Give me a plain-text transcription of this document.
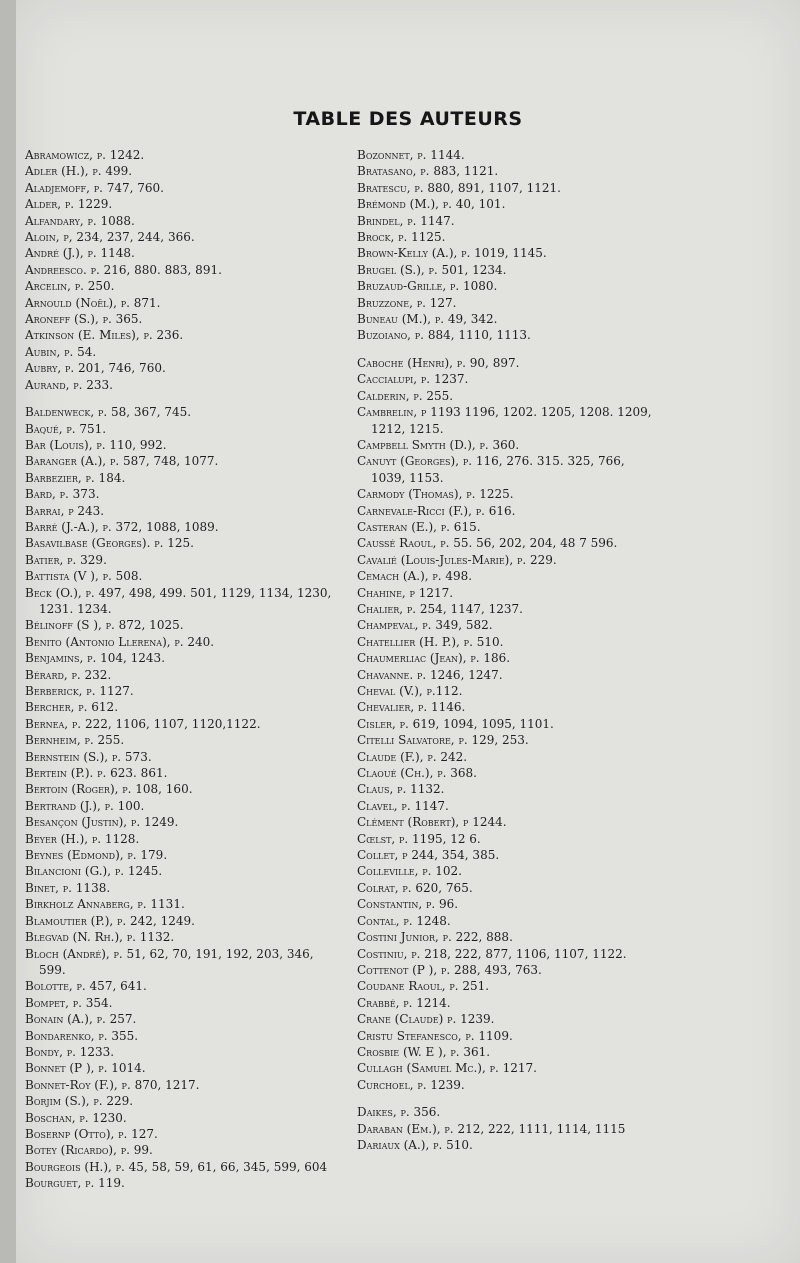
TABLE DES AUTEURS
Abramowicz, p. 1242.
Adler (H.), p. 499.
Aladjemoff, p. 747, 760.
Alder, p. 1229.
Alfandary, p. 1088.
Aloin, p, 234, 237, 244, 366.
André (J.), p. 1148.
Andreesco. p. 216, 880. 883, 891.
Arcelin, p. 250.
Arnould (Noël), p. 871.
Aroneff (S.), p. 365.
Atkinson (E. Miles), p. 236.
Aubin, p. 54.
Aubry, p. 201, 746, 760.
Aurand, p. 233.
Baldenweck, p. 58, 367, 745.
Baqué, p. 751.
Bar (Louis), p. 110, 992.
Baranger (A.), p. 587, 748, 1077.
Barbezier, p. 184.
Bard, p. 373.
Barrai, p 243.
Barré (J.-A.), p. 372, 1088, 1089.
Basavilbase (Georges). p. 125.
Batier, p. 329.
Battista (V ), p. 508.
Beck (O.), p. 497, 498, 499. 501, 1129, 1134, 1230, 1231. 1234.
Bélinoff (S ), p. 872, 1025.
Benito (Antonio Llerena), p. 240.
Benjamins, p. 104, 1243.
Bérard, p. 232.
Berberick, p. 1127.
Bercher, p. 612.
Bernea, p. 222, 1106, 1107, 1120,1122.
Bernheim, p. 255.
Bernstein (S.), p. 573.
Bertein (P.). p. 623. 861.
Bertoin (Roger), p. 108, 160.
Bertrand (J.), p. 100.
Besançon (Justin), p. 1249.
Beyer (H.), p. 1128.
Beynes (Edmond), p. 179.
Bilancioni (G.), p. 1245.
Binet, p. 1138.
Birkholz Annaberg, p. 1131.
Blamoutier (P.), p. 242, 1249.
Blegvad (N. Rh.), p. 1132.
Bloch (André), p. 51, 62, 70, 191, 192, 203, 346, 599.
Bolotte, p. 457, 641.
Bompet, p. 354.
Bonain (A.), p. 257.
Bondarenko, p. 355.
Bondy, p. 1233.
Bonnet (P ), p. 1014.
Bonnet-Roy (F.), p. 870, 1217.
Borjim (S.), p. 229.
Boschan, p. 1230.
Bosernp (Otto), p. 127.
Botey (Ricardo), p. 99.
Bourgeois (H.), p. 45, 58, 59, 61, 66, 345, 599, 604
Bourguet, p. 119.
Bozonnet, p. 1144.
Bratasano, p. 883, 1121.
Bratescu, p. 880, 891, 1107, 1121.
Brémond (M.), p. 40, 101.
Brindel, p. 1147.
Brock, p. 1125.
Brown-Kelly (A.), p. 1019, 1145.
Brugel (S.), p. 501, 1234.
Bruzaud-Grille, p. 1080.
Bruzzone, p. 127.
Buneau (M.), p. 49, 342.
Buzoiano, p. 884, 1110, 1113.
Caboche (Henri), p. 90, 897.
Caccialupi, p. 1237.
Calderin, p. 255.
Cambrelin, p 1193 1196, 1202. 1205, 1208. 1209, 1212, 1215.
Campbell Smyth (D.), p. 360.
Canuyt (Georges), p. 116, 276. 315. 325, 766, 1039, 1153.
Carmody (Thomas), p. 1225.
Carnevale-Ricci (F.), p. 616.
Casteran (E.), p. 615.
Caussé Raoul, p. 55. 56, 202, 204, 48 7 596.
Cavalié (Louis-Jules-Marie), p. 229.
Cemach (A.), p. 498.
Chahine, p 1217.
Chalier, p. 254, 1147, 1237.
Champeval, p. 349, 582.
Chatellier (H. P.), p. 510.
Chaumerliac (Jean), p. 186.
Chavanne. p. 1246, 1247.
Cheval (V.), p.112.
Chevalier, p. 1146.
Cisler, p. 619, 1094, 1095, 1101.
Citelli Salvatore, p. 129, 253.
Claude (F.), p. 242.
Claoué (Ch.), p. 368.
Claus, p. 1132.
Clavel, p. 1147.
Clément (Robert), p 1244.
Cœlst, p. 1195, 12 6.
Collet, p 244, 354, 385.
Colleville, p. 102.
Colrat, p. 620, 765.
Constantin, p. 96.
Contal, p. 1248.
Costini Junior, p. 222, 888.
Costiniu, p. 218, 222, 877, 1106, 1107, 1122.
Cottenot (P ), p. 288, 493, 763.
Coudane Raoul, p. 251.
Crabbé, p. 1214.
Crane (Claude) p. 1239.
Cristu Stefanesco, p. 1109.
Crosbie (W. E ), p. 361.
Cullagh (Samuel Mc.), p. 1217.
Curchoel, p. 1239.
Daikes, p. 356.
Daraban (Em.), p. 212, 222, 1111, 1114, 1115
Dariaux (A.), p. 510.
